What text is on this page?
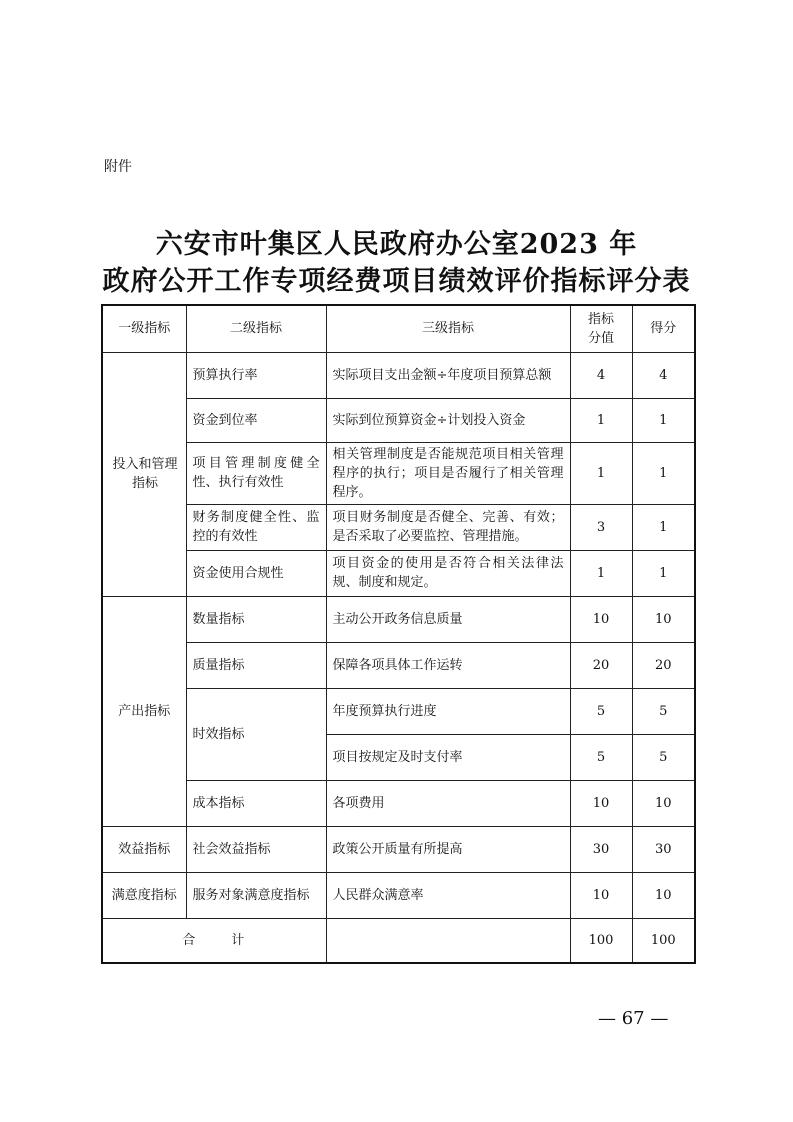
附件
六安市叶集区人民政府办公室2023 年
政府公开工作专项经费项目绩效评价指标评分表
一级指标	二级指标	三级指标	指标分值	得分
投入和管理指标	预算执行率	实际项目支出金额÷年度项目预算总额	4	4
	资金到位率	实际到位预算资金÷计划投入资金	1	1
	项目管理制度健全性、执行有效性	相关管理制度是否能规范项目相关管理程序的执行；项目是否履行了相关管理程序。	1	1
	财务制度健全性、监控的有效性	项目财务制度是否健全、完善、有效；是否采取了必要监控、管理措施。	3	1
	资金使用合规性	项目资金的使用是否符合相关法律法规、制度和规定。	1	1
产出指标	数量指标	主动公开政务信息质量	10	10
	质量指标	保障各项具体工作运转	20	20
	时效指标	年度预算执行进度	5	5
		项目按规定及时支付率	5	5
	成本指标	各项费用	10	10
效益指标	社会效益指标	政策公开质量有所提高	30	30
满意度指标	服务对象满意度指标	人民群众满意率	10	10
合 计			100	100
— 67 —
